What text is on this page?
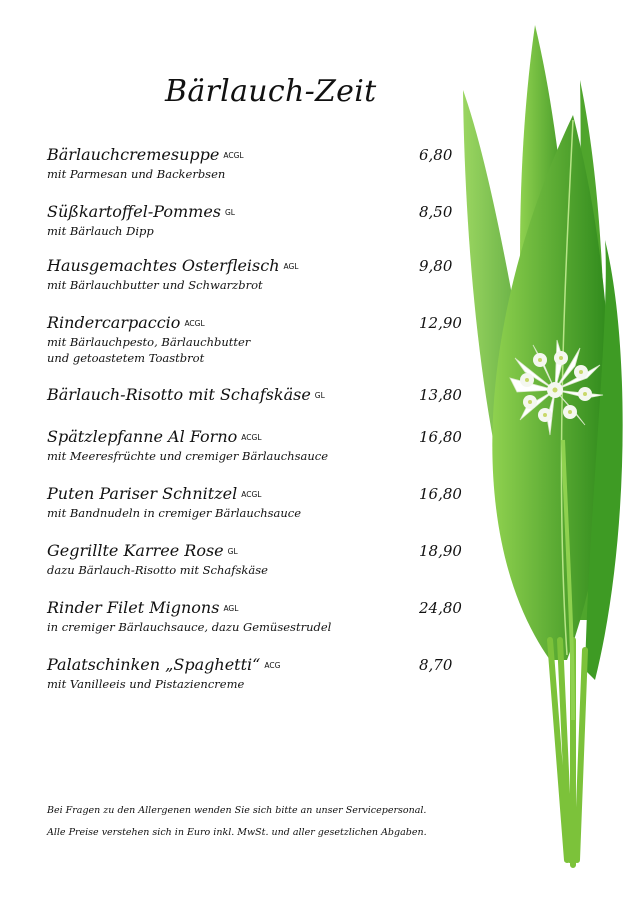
Bärlauch-Zeit
Bärlauchcremesuppe ACGL
mit Parmesan und Backerbsen
6,80
Süßkartoffel-Pommes GL
mit Bärlauch Dipp
8,50
Hausgemachtes Osterfleisch AGL
mit Bärlauchbutter und Schwarzbrot
9,80
Rindercarpaccio ACGL
mit Bärlauchpesto, Bärlauchbutter
und getoastetem Toastbrot
12,90
Bärlauch-Risotto mit Schafskäse GL	13,80
Spätzlepfanne Al Forno ACGL
mit Meeresfrüchte und cremiger Bärlauchsauce
16,80
Puten Pariser Schnitzel ACGL
mit Bandnudeln in cremiger Bärlauchsauce
16,80
Gegrillte Karree Rose GL
dazu Bärlauch-Risotto mit Schafskäse
18,90
Rinder Filet Mignons AGL
in cremiger Bärlauchsauce, dazu Gemüsestrudel
24,80
Palatschinken „Spaghetti“ ACG
mit Vanilleeis und Pistaziencreme
8,70
Bei Fragen zu den Allergenen wenden Sie sich bitte an unser Servicepersonal.
Alle Preise verstehen sich in Euro inkl. MwSt. und aller gesetzlichen Abgaben.
